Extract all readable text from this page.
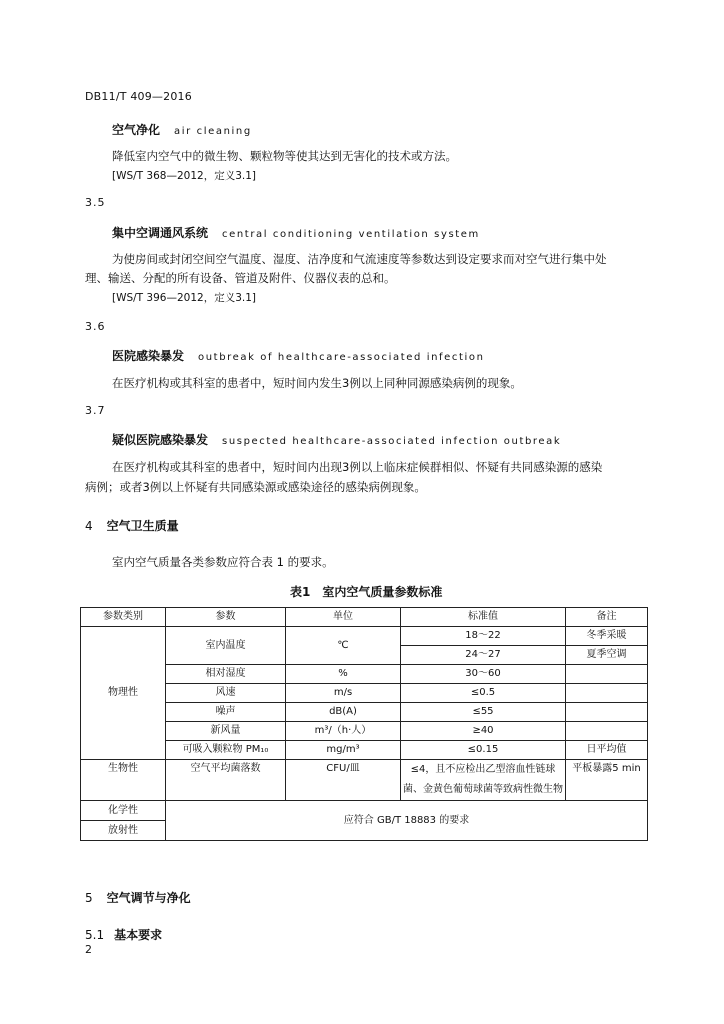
DB11/T 409—2016
空气净化 air cleaning
降低室内空气中的微生物、颗粒物等使其达到无害化的技术或方法。
[WS/T 368—2012，定义3.1]
3.5
集中空调通风系统 central conditioning ventilation system
为使房间或封闭空间空气温度、湿度、洁净度和气流速度等参数达到设定要求而对空气进行集中处
理、输送、分配的所有设备、管道及附件、仪器仪表的总和。
[WS/T 396—2012，定义3.1]
3.6
医院感染暴发 outbreak of healthcare-associated infection
在医疗机构或其科室的患者中，短时间内发生3例以上同种同源感染病例的现象。
3.7
疑似医院感染暴发 suspected healthcare-associated infection outbreak
在医疗机构或其科室的患者中，短时间内出现3例以上临床症候群相似、怀疑有共同感染源的感染
病例；或者3例以上怀疑有共同感染源或感染途径的感染病例现象。
4 空气卫生质量
室内空气质量各类参数应符合表 1 的要求。
表1　室内空气质量参数标准
参数类别	参数	单位	标准值	备注
物理性	室内温度	℃	18～22	冬季采暖
			24～27	夏季空调
	相对湿度	%	30～60	
	风速	m/s	≤0.5	
	噪声	dB(A)	≤55	
	新风量	m³/（h·人）	≥40	
	可吸入颗粒物 PM₁₀	mg/m³	≤0.15	日平均值
生物性	空气平均菌落数	CFU/皿	≤4，且不应检出乙型溶血性链球菌、金黄色葡萄球菌等致病性微生物	平板暴露5 min
化学性	应符合 GB/T 18883 的要求			
放射性				
5 空气调节与净化
5.1 基本要求
2
